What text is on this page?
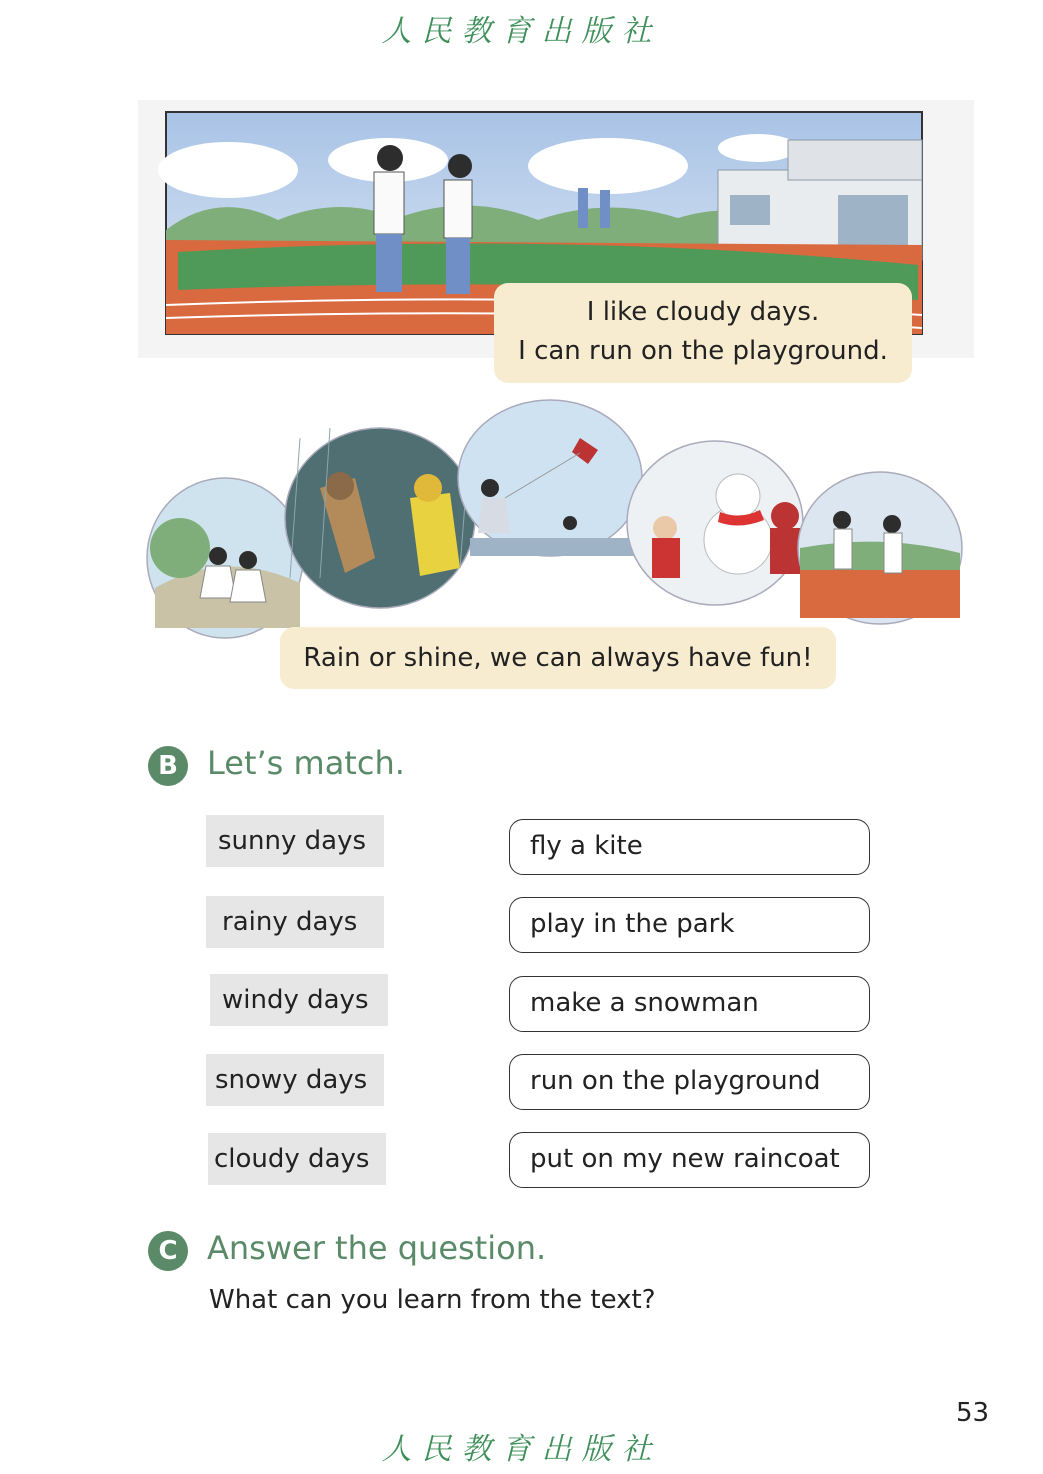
人民教育出版社
I like cloudy days.
I can run on the playground.
Rain or shine, we can always have fun!
B Let’s match.
sunny days
rainy days
windy days
snowy days
cloudy days
fly a kite
play in the park
make a snowman
run on the playground
put on my new raincoat
C Answer the question.
What can you learn from the text?
53
人民教育出版社
